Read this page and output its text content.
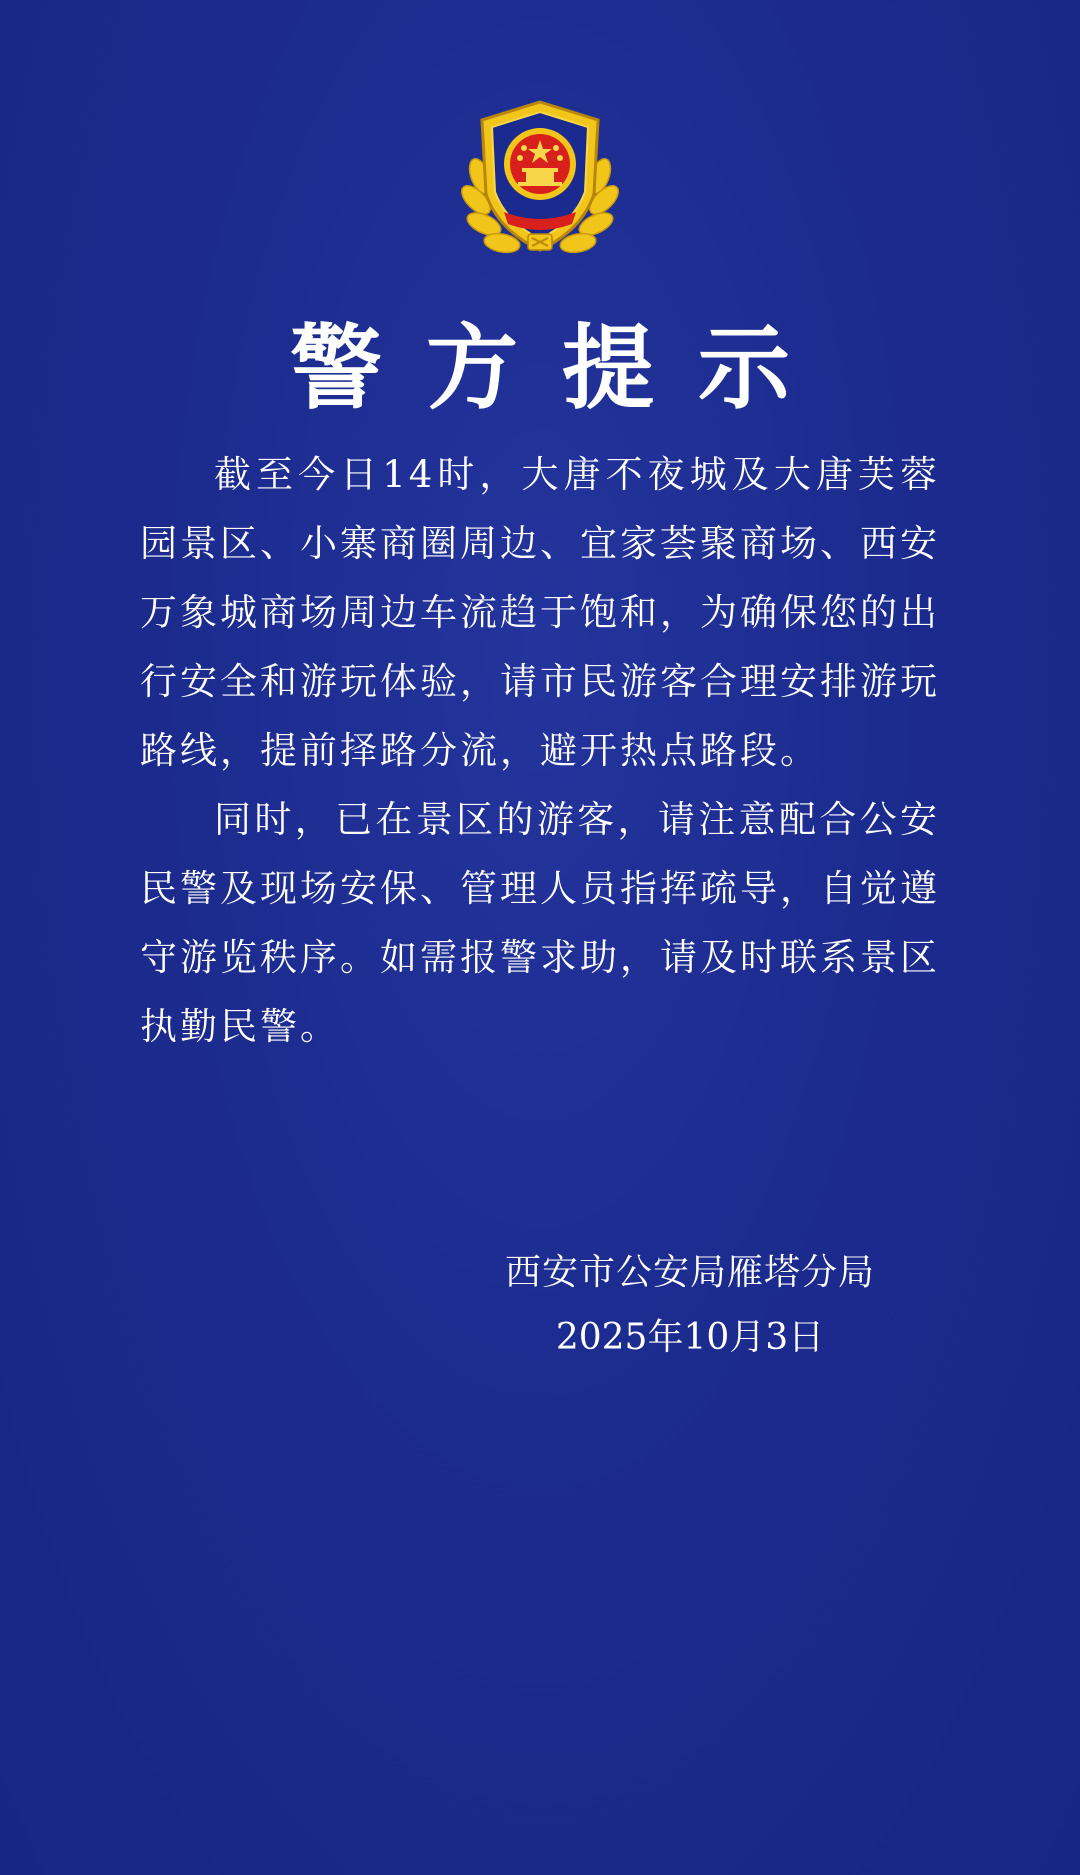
警方提示

截至今日14时，大唐不夜城及大唐芙蓉园景区、小寨商圈周边、宜家荟聚商场、西安万象城商场周边车流趋于饱和，为确保您的出行安全和游玩体验，请市民游客合理安排游玩路线，提前择路分流，避开热点路段。

同时，已在景区的游客，请注意配合公安民警及现场安保、管理人员指挥疏导，自觉遵守游览秩序。如需报警求助，请及时联系景区执勤民警。

西安市公安局雁塔分局
2025年10月3日
